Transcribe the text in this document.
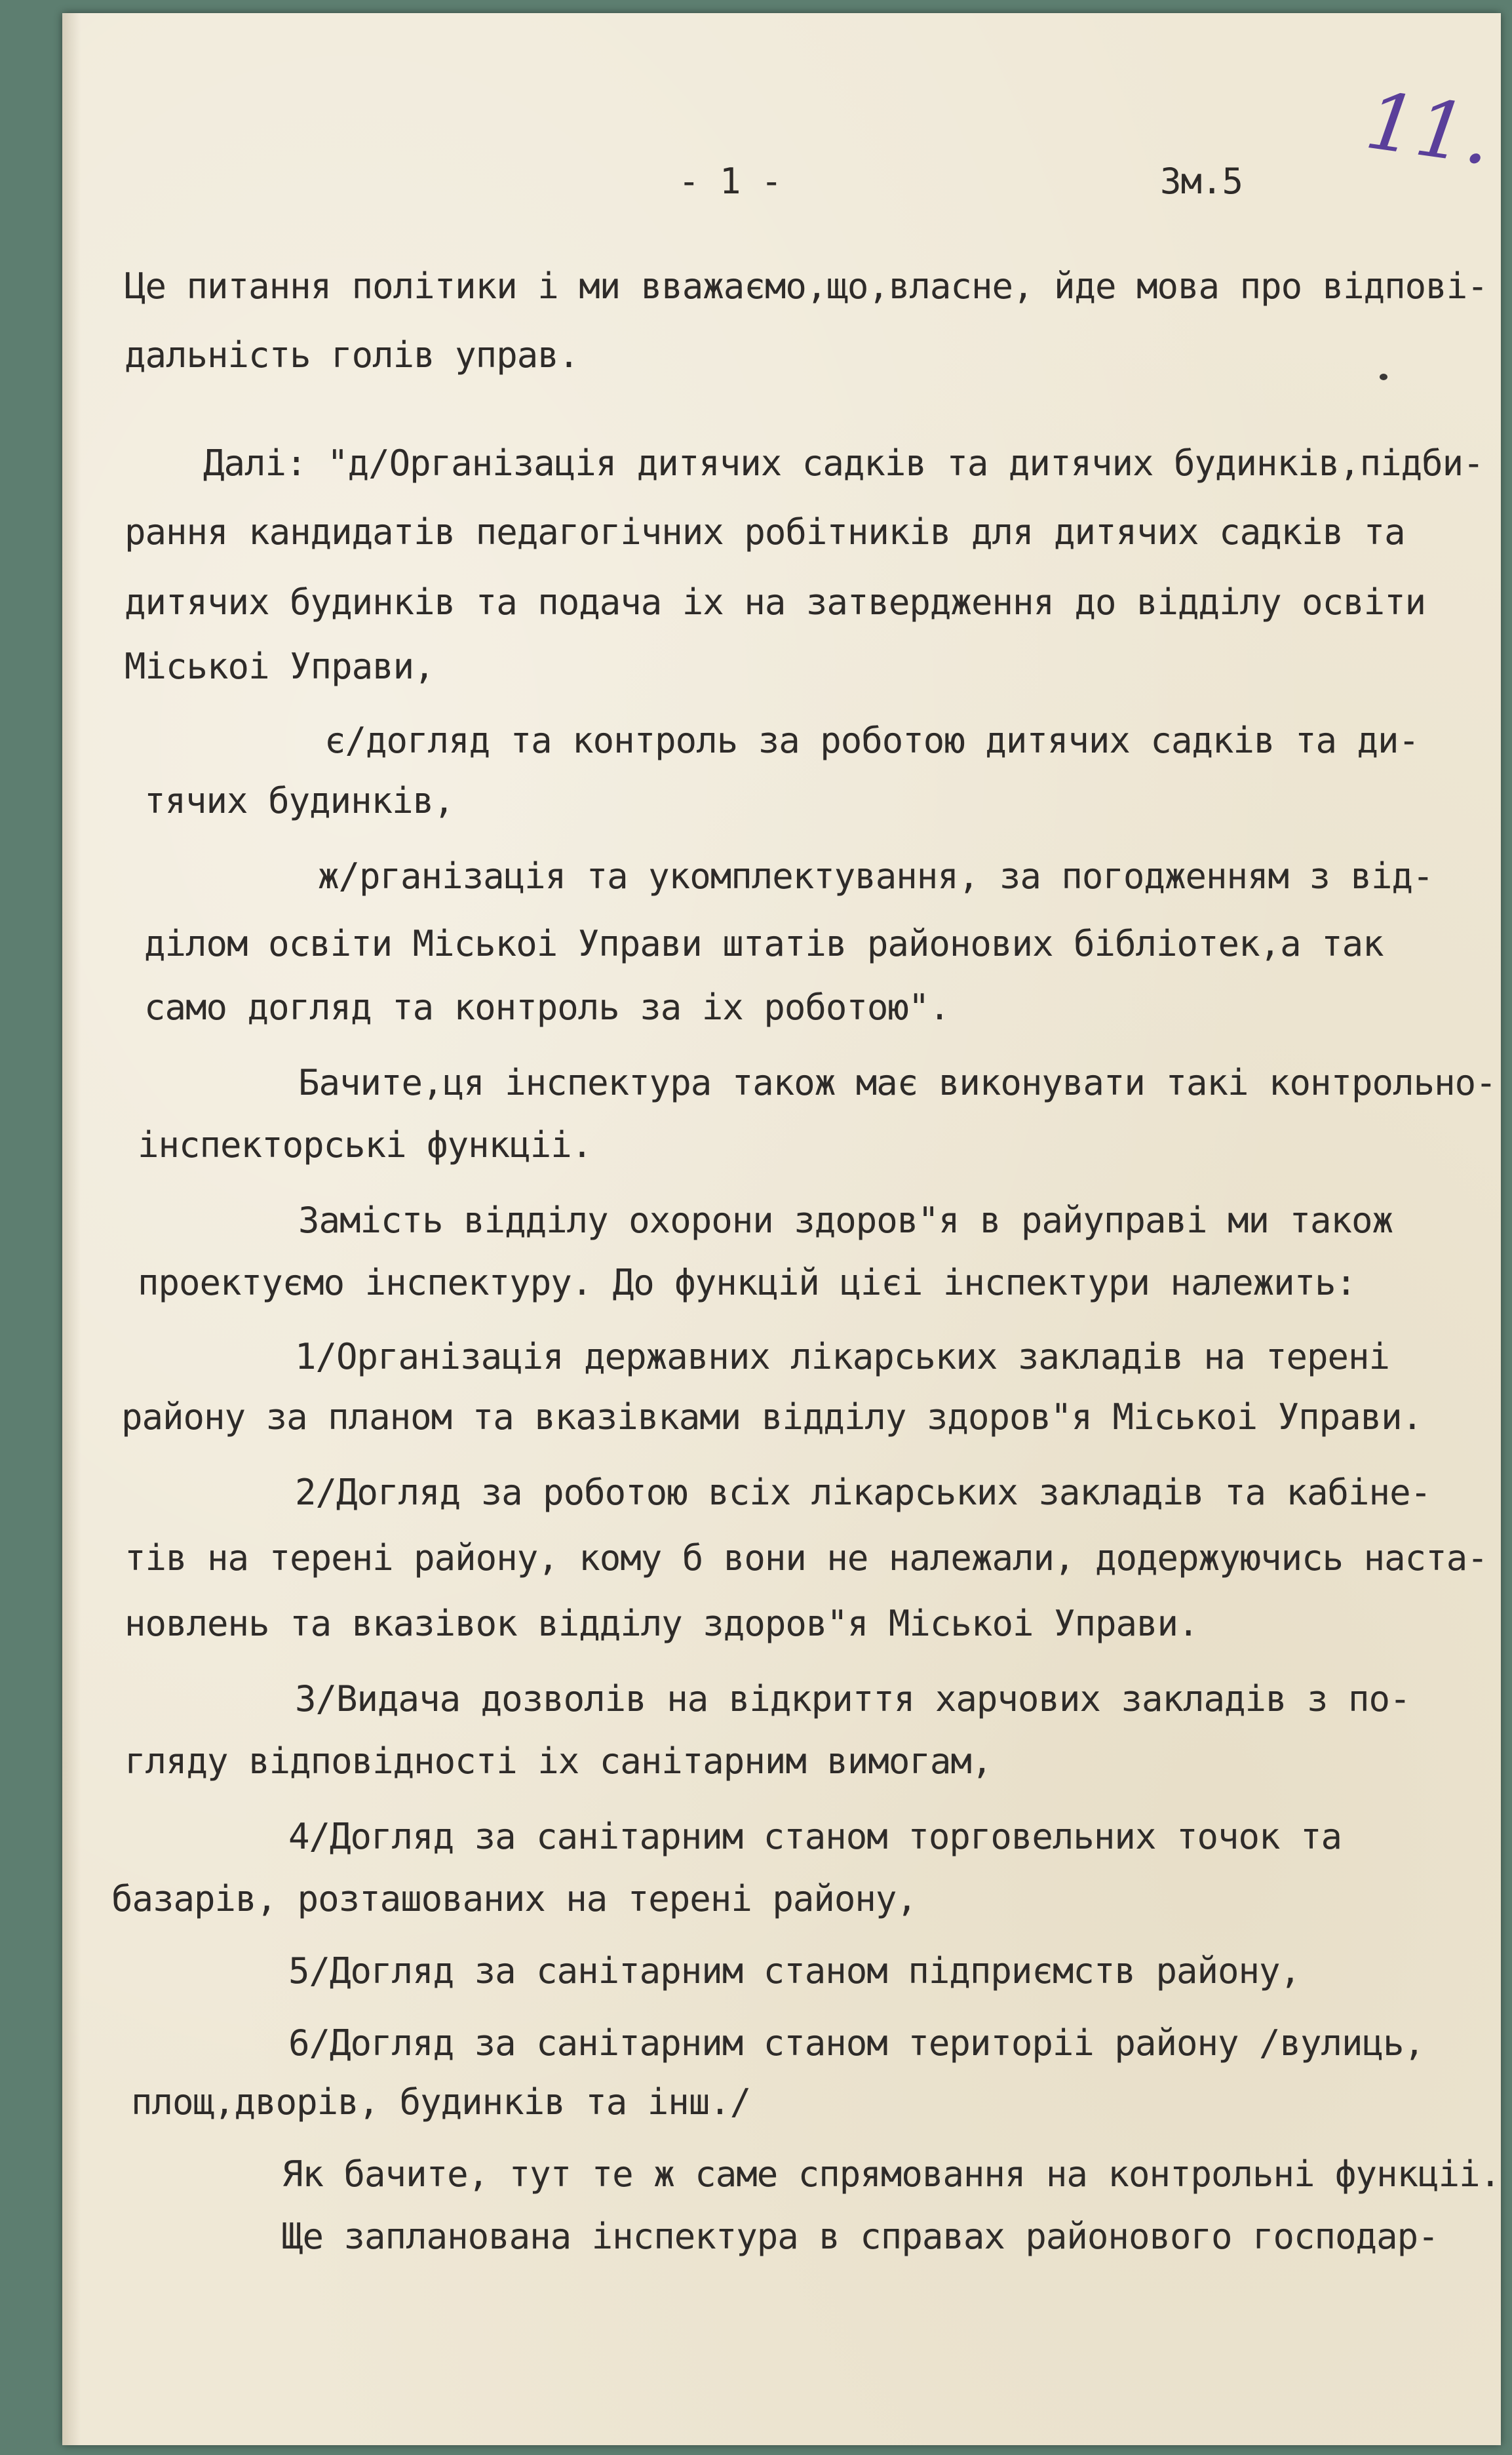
11.
- 1 -	Зм.5
Це питання політики і ми вважаємо,що,власне, йде мова про відпові-
дальність голів управ.
Далі: "д/Організація дитячих садків та дитячих будинків,підби-
рання кандидатів педагогічних робітників для дитячих садків та
дитячих будинків та подача іх на затвердження до відділу освіти
Міськоі Управи,
є/догляд та контроль за роботою дитячих садків та ди-
тячих будинків,
ж/рганізація та укомплектування, за погодженням з від-
ділом освіти Міськоі Управи штатів районових бібліотек,а так
само догляд та контроль за іх роботою".
Бачите,ця інспектура також має виконувати такі контрольно-
інспекторські функціі.
Замість відділу охорони здоров"я в райуправі ми також
проектуємо інспектуру. До функцій цієі інспектури належить:
1/Організація державних лікарських закладів на терені
району за планом та вказівками відділу здоров"я Міськоі Управи.
2/Догляд за роботою всіх лікарських закладів та кабіне-
тів на терені району, кому б вони не належали, додержуючись наста-
новлень та вказівок відділу здоров"я Міськоі Управи.
3/Видача дозволів на відкриття харчових закладів з по-
гляду відповідності іх санітарним вимогам,
4/Догляд за санітарним станом торговельних точок та
базарів, розташованих на терені району,
5/Догляд за санітарним станом підприємств району,
6/Догляд за санітарним станом територіі району /вулиць,
площ,дворів, будинків та інш./
Як бачите, тут те ж саме спрямовання на контрольні функціі.
Ще запланована інспектура в справах районового господар-
